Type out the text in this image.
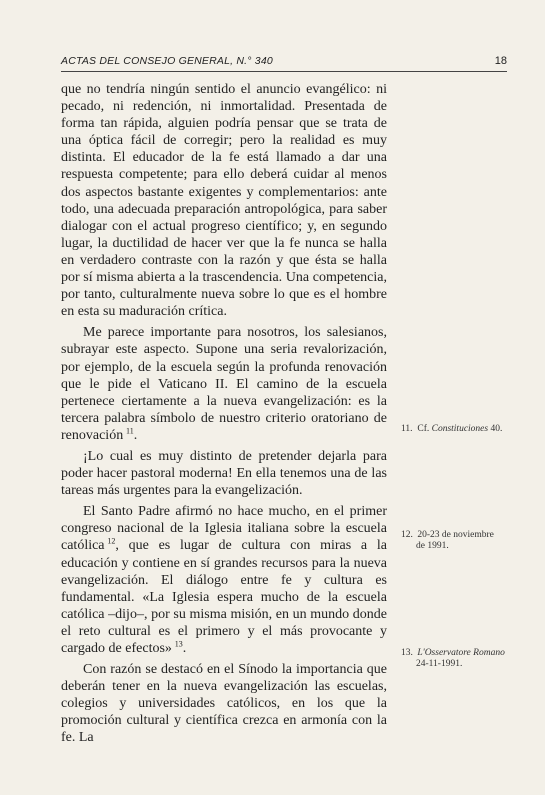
ACTAS DEL CONSEJO GENERAL, N.° 340	18

que no tendría ningún sentido el anuncio evangélico: ni pecado, ni redención, ni inmortalidad. Presentada de forma tan rápida, alguien podría pensar que se trata de una óptica fácil de corregir; pero la realidad es muy distinta. El educador de la fe está llamado a dar una respuesta competente; para ello deberá cuidar al menos dos aspectos bastante exigentes y complementarios: ante todo, una adecuada preparación antropológica, para saber dialogar con el actual progreso científico; y, en segundo lugar, la ductilidad de hacer ver que la fe nunca se halla en verdadero contraste con la razón y que ésta se halla por sí misma abierta a la trascendencia. Una competencia, por tanto, culturalmente nueva sobre lo que es el hombre en esta su maduración crítica.

Me parece importante para nosotros, los salesianos, subrayar este aspecto. Supone una seria revalorización, por ejemplo, de la escuela según la profunda renovación que le pide el Vaticano II. El camino de la escuela pertenece ciertamente a la nueva evangelización: es la tercera palabra símbolo de nuestro criterio oratoriano de renovación  $^{11}$.

¡Lo cual es muy distinto de pretender dejarla para poder hacer pastoral moderna! En ella tenemos una de las tareas más urgentes para la evangelización.

El Santo Padre afirmó no hace mucho, en el primer congreso nacional de la Iglesia italiana sobre la escuela católica  $^{12}$, que es lugar de cultura con miras a la educación y contiene en sí grandes recursos para la nueva evangelización. El diálogo entre fe y cultura es fundamental. «La Iglesia espera mucho de la escuela católica –dijo–, por su misma misión, en un mundo donde el reto cultural es el primero y el más provocante y cargado de efectos»  $^{13}$.

Con razón se destacó en el Sínodo la importancia que deberán tener en la nueva evangelización las escuelas, colegios y universidades católicos, en los que la promoción cultural y científica crezca en armonía con la fe. La

11. Cf. Constituciones 40.
12. 20-23 de noviembre
de 1991.
13. L'Osservatore Romano
24-11-1991.
